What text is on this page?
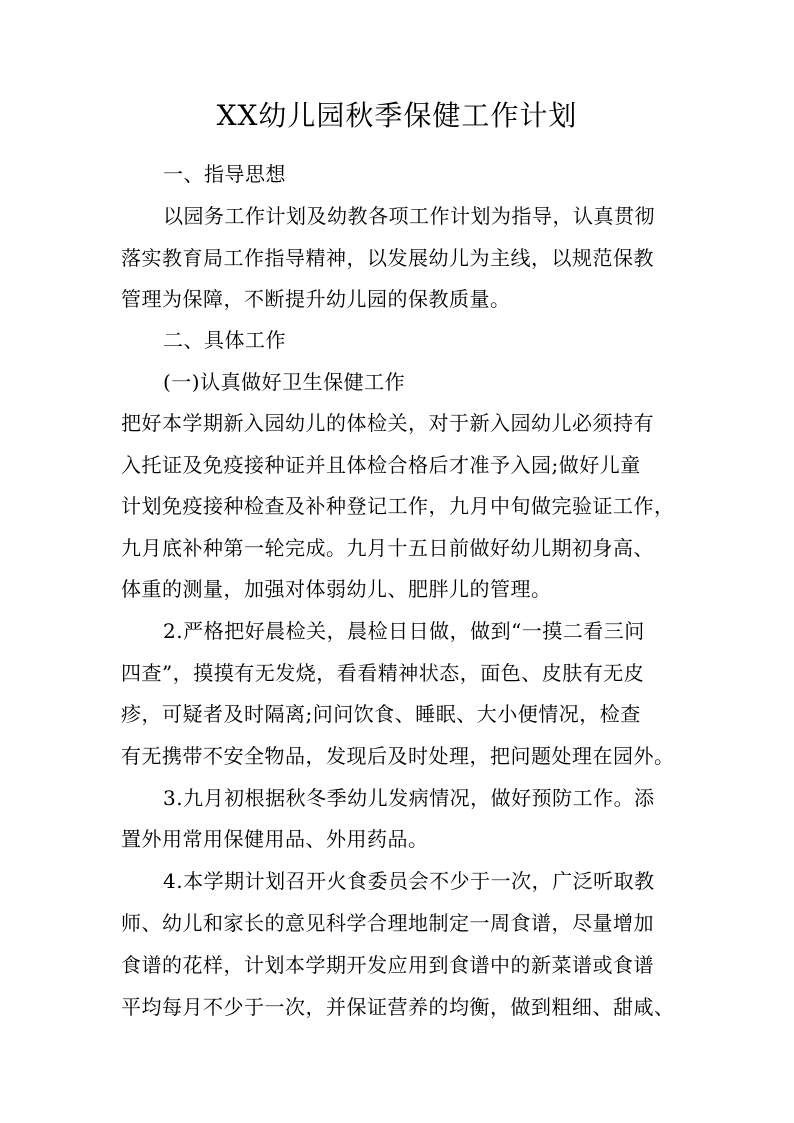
XX幼儿园秋季保健工作计划
一、指导思想
以园务工作计划及幼教各项工作计划为指导，认真贯彻
落实教育局工作指导精神，以发展幼儿为主线，以规范保教
管理为保障，不断提升幼儿园的保教质量。
二、具体工作
(一)认真做好卫生保健工作
把好本学期新入园幼儿的体检关，对于新入园幼儿必须持有
入托证及免疫接种证并且体检合格后才准予入园;做好儿童
计划免疫接种检查及补种登记工作，九月中旬做完验证工作，
九月底补种第一轮完成。九月十五日前做好幼儿期初身高、
体重的测量，加强对体弱幼儿、肥胖儿的管理。
2.严格把好晨检关，晨检日日做，做到“一摸二看三问
四查”，摸摸有无发烧，看看精神状态，面色、皮肤有无皮
疹，可疑者及时隔离;问问饮食、睡眠、大小便情况，检查
有无携带不安全物品，发现后及时处理，把问题处理在园外。
3.九月初根据秋冬季幼儿发病情况，做好预防工作。添
置外用常用保健用品、外用药品。
4.本学期计划召开火食委员会不少于一次，广泛听取教
师、幼儿和家长的意见科学合理地制定一周食谱，尽量增加
食谱的花样，计划本学期开发应用到食谱中的新菜谱或食谱
平均每月不少于一次，并保证营养的均衡，做到粗细、甜咸、
